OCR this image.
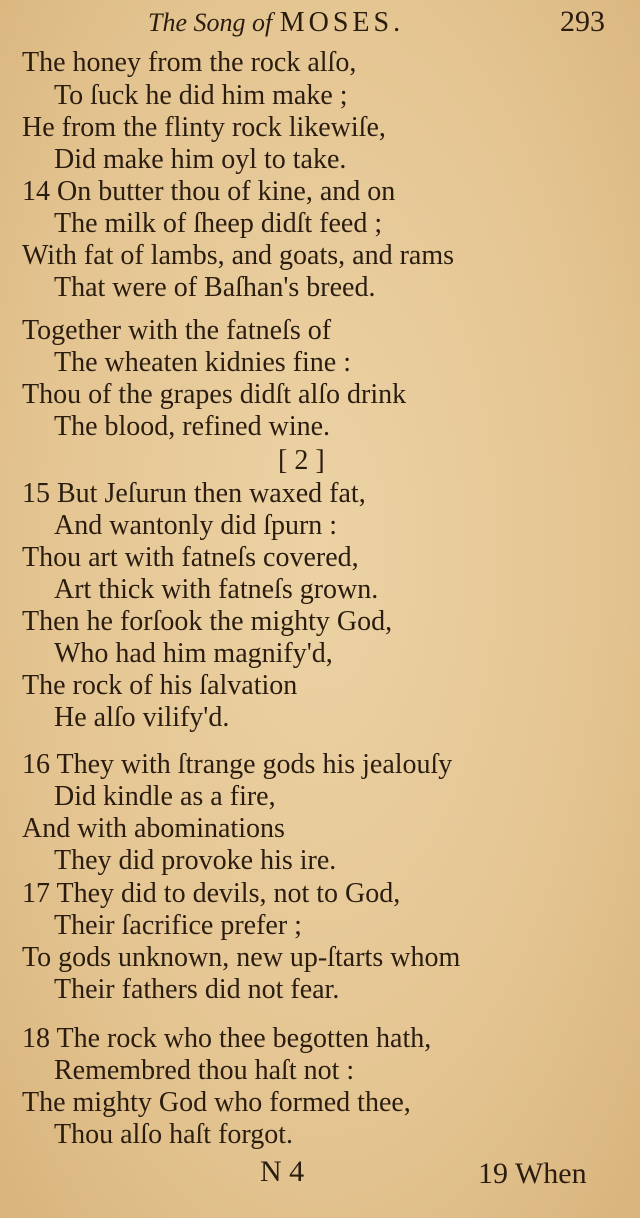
The Song of MOSES.	293
The honey from the rock alſo,
To ſuck he did him make ;
He from the flinty rock likewiſe,
Did make him oyl to take.
14 On butter thou of kine, and on
The milk of ſheep didſt feed ;
With fat of lambs, and goats, and rams
That were of Baſhan's breed.
Together with the fatneſs of
The wheaten kidnies fine :
Thou of the grapes didſt alſo drink
The blood, refined wine.
[ 2 ]
15 But Jeſurun then waxed fat,
And wantonly did ſpurn :
Thou art with fatneſs covered,
Art thick with fatneſs grown.
Then he forſook the mighty God,
Who had him magnify'd,
The rock of his ſalvation
He alſo vilify'd.
16 They with ſtrange gods his jealouſy
Did kindle as a fire,
And with abominations
They did provoke his ire.
17 They did to devils, not to God,
Their ſacrifice prefer ;
To gods unknown, new up-ſtarts whom
Their fathers did not fear.
18 The rock who thee begotten hath,
Remembred thou haſt not :
The mighty God who formed thee,
Thou alſo haſt forgot.
N 4	19 When
